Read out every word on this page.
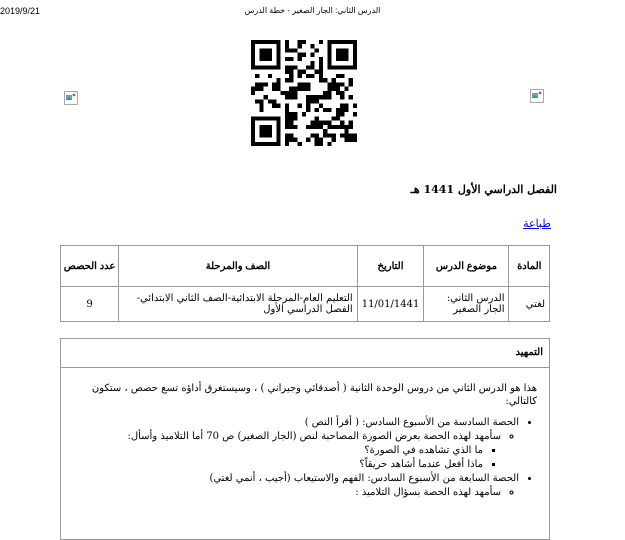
2019/9/21	الدرس الثاني: الجار الصغير - خطة الدرس
الفصل الدراسي الأول 1441 هـ
طباعة
المادة	موضوع الدرس	التاريخ	الصف والمرحلة	عدد الحصص
لغتي	الدرس الثاني: الجار الصغير	11/01/1441	التعليم العام-المرحلة الابتدائية-الصف الثاني الابتدائي-الفصل الدراسي الأول	9
التمهيد

هذا هو الدرس الثاني من دروس الوحدة الثانية ( أصدقائي وجيراني ) ، وسيستغرق أداؤه تسع حصص ، ستكون كالتالي:

• الحصة السادسة من الأسبوع السادس: ( أقرأ النص )
◦ سأمهد لهذه الحصة بعرض الصورة المصاحبة لنص (الجار الصغير) ص 70 أما التلاميذ وأسأل:
▪ ما الذي تشاهده في الصورة؟
▪ ماذا أفعل عندما أشاهد حريقاً؟
• الحصة السابعة من الأسبوع السادس: الفهم والاستيعاب (أجيب ، أنمي لغتي)
◦ سأمهد لهذه الحصة بسؤال التلاميذ :
